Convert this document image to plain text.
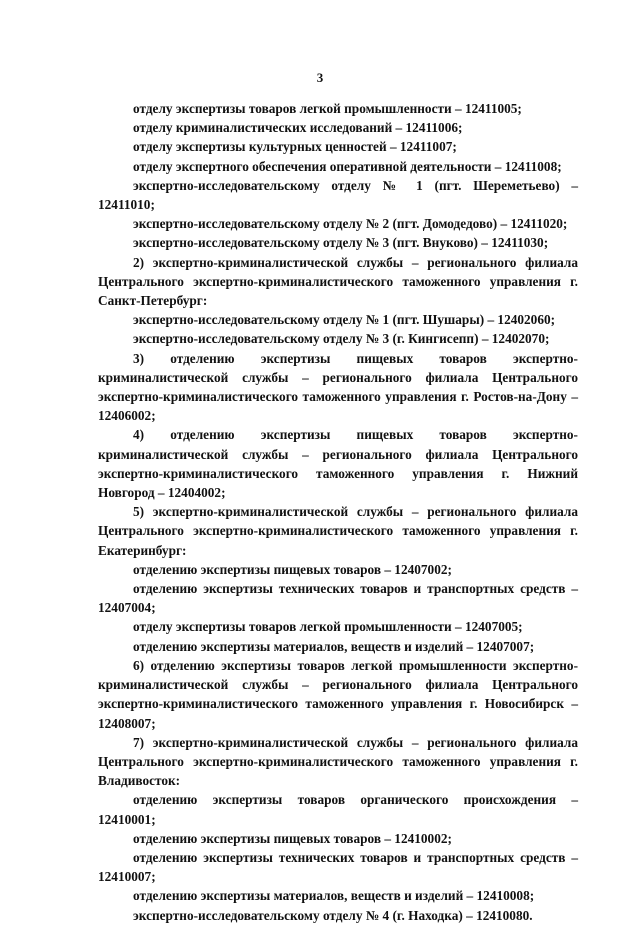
3

отделу экспертизы товаров легкой промышленности – 12411005;

отделу криминалистических исследований – 12411006;

отделу экспертизы культурных ценностей – 12411007;

отделу экспертного обеспечения оперативной деятельности – 12411008;

экспертно-исследовательскому отделу № 1 (пгт. Шереметьево) – 12411010;

экспертно-исследовательскому отделу № 2 (пгт. Домодедово) – 12411020;

экспертно-исследовательскому отделу № 3 (пгт. Внуково) – 12411030;

2) экспертно-криминалистической службы – регионального филиала Центрального экспертно-криминалистического таможенного управления г. Санкт-Петербург:

экспертно-исследовательскому отделу № 1 (пгт. Шушары) – 12402060;

экспертно-исследовательскому отделу № 3 (г. Кингисепп) – 12402070;

3) отделению экспертизы пищевых товаров экспертно-криминалистической службы – регионального филиала Центрального экспертно-криминалистического таможенного управления г. Ростов-на-Дону – 12406002;

4) отделению экспертизы пищевых товаров экспертно-криминалистической службы – регионального филиала Центрального экспертно-криминалистического таможенного управления г. Нижний Новгород – 12404002;

5) экспертно-криминалистической службы – регионального филиала Центрального экспертно-криминалистического таможенного управления г. Екатеринбург:

отделению экспертизы пищевых товаров – 12407002;

отделению экспертизы технических товаров и транспортных средств – 12407004;

отделу экспертизы товаров легкой промышленности – 12407005;

отделению экспертизы материалов, веществ и изделий – 12407007;

6) отделению экспертизы товаров легкой промышленности экспертно-криминалистической службы – регионального филиала Центрального экспертно-криминалистического таможенного управления г. Новосибирск – 12408007;

7) экспертно-криминалистической службы – регионального филиала Центрального экспертно-криминалистического таможенного управления г. Владивосток:

отделению экспертизы товаров органического происхождения – 12410001;

отделению экспертизы пищевых товаров – 12410002;

отделению экспертизы технических товаров и транспортных средств – 12410007;

отделению экспертизы материалов, веществ и изделий – 12410008;

экспертно-исследовательскому отделу № 4 (г. Находка) – 12410080.
